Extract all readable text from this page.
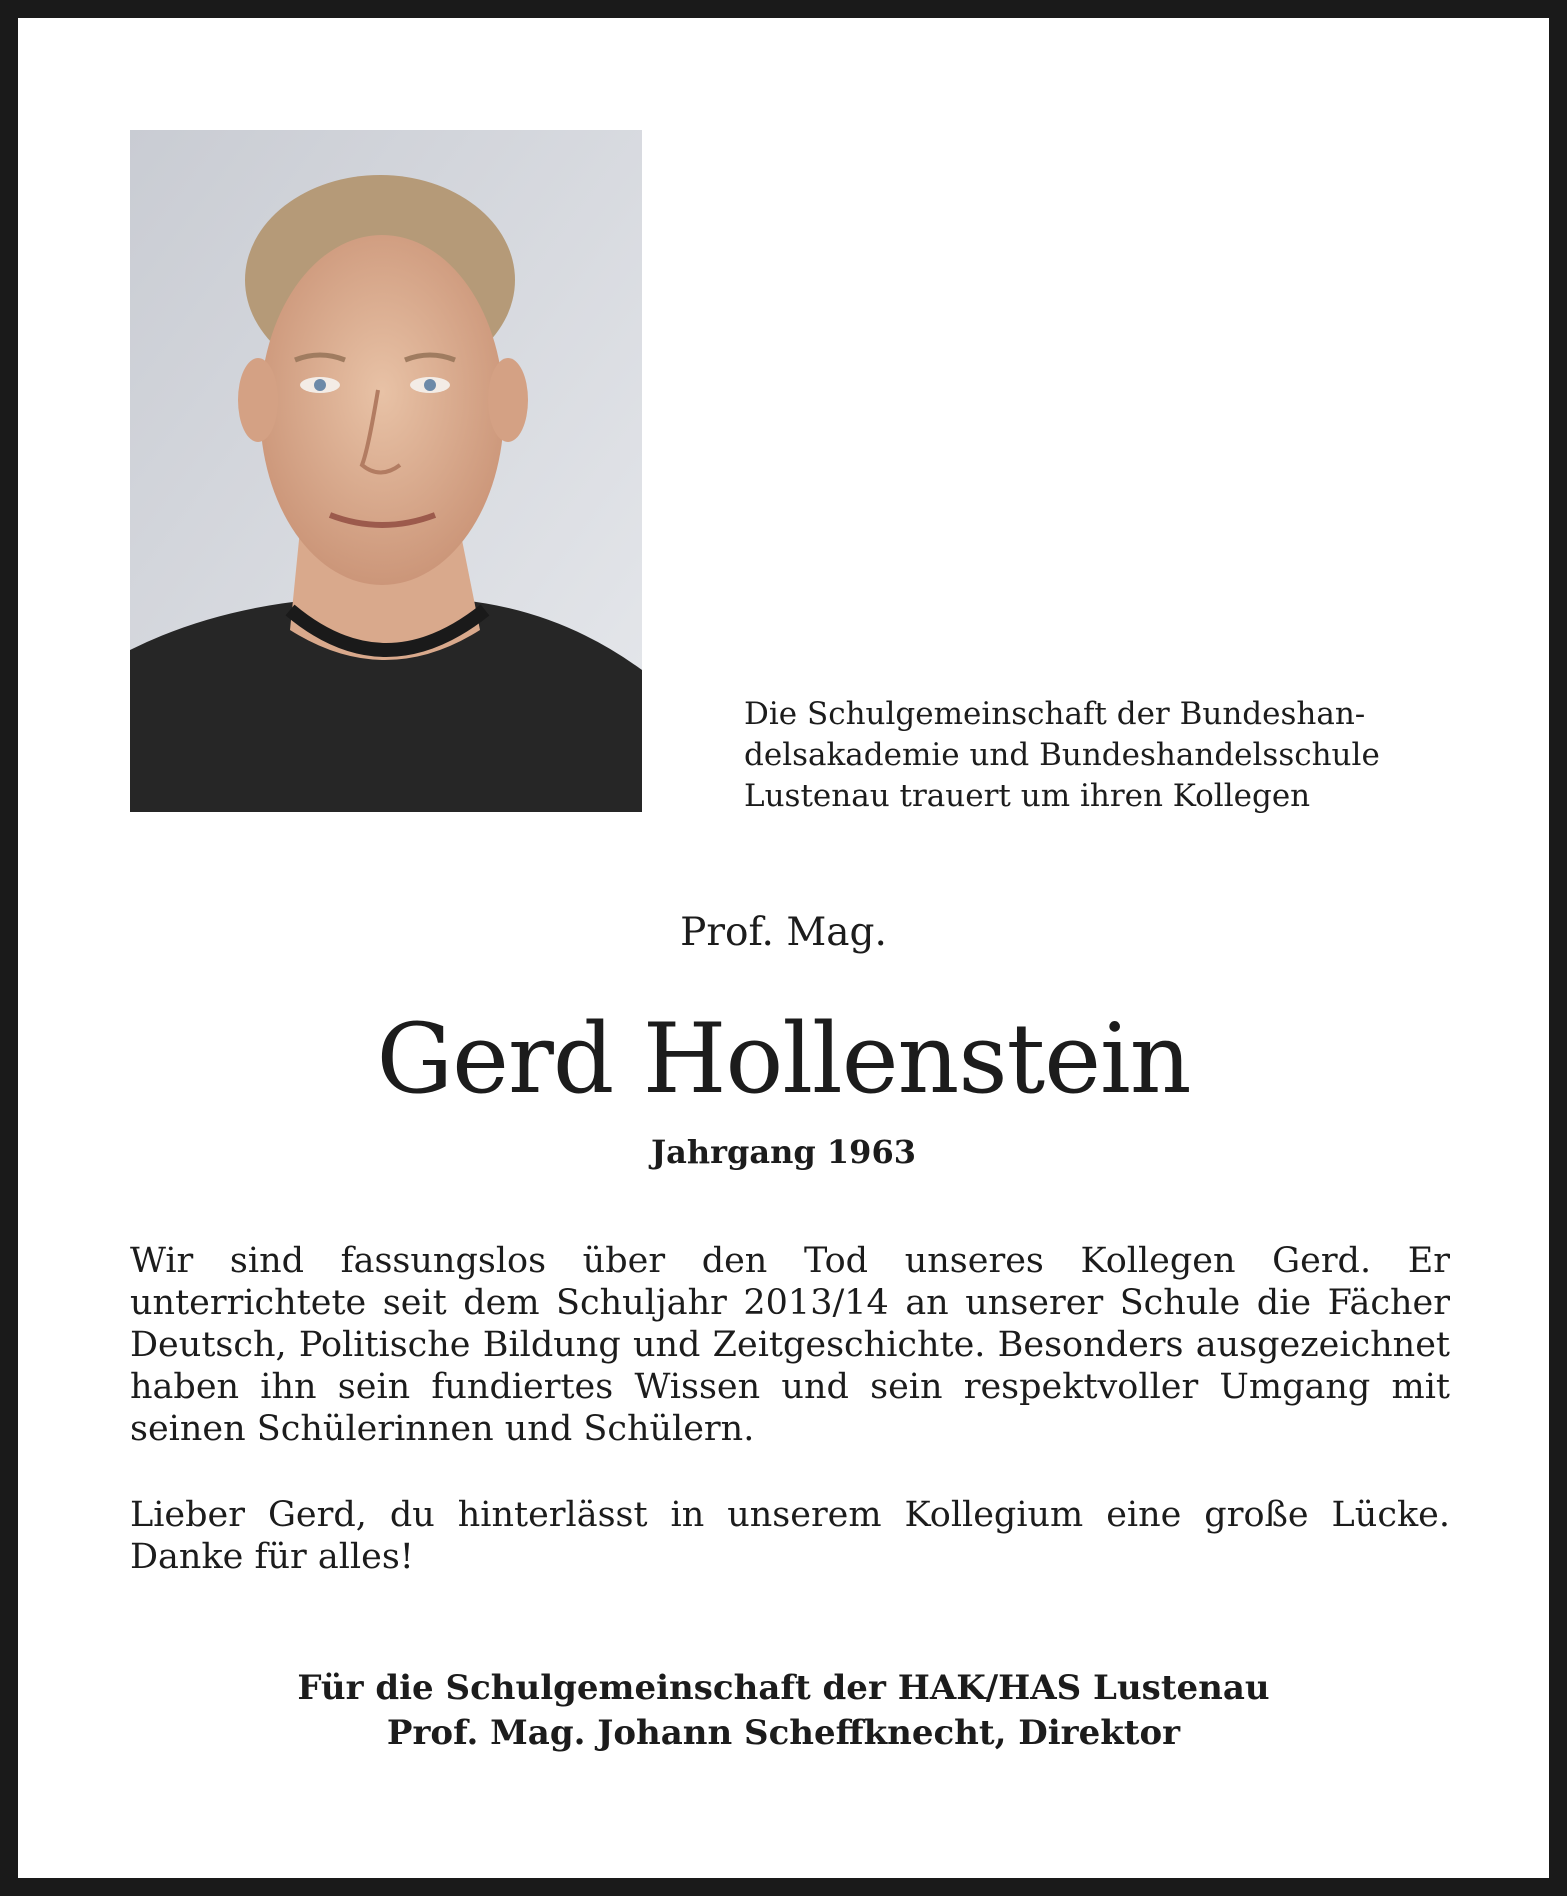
Die Schulgemeinschaft der Bundeshan-
delsakademie und Bundeshandelsschule
Lustenau trauert um ihren Kollegen

Prof. Mag.

Gerd Hollenstein

Jahrgang 1963

Wir sind fassungslos über den Tod unseres Kollegen Gerd. Er unterrichtete seit dem Schuljahr 2013/14 an unserer Schule die Fächer Deutsch, Politische Bildung und Zeitgeschichte. Besonders ausgezeichnet haben ihn sein fundiertes Wissen und sein respektvoller Umgang mit seinen Schülerinnen und Schülern.

Lieber Gerd, du hinterlässt in unserem Kollegium eine große Lücke. Danke für alles!

Für die Schulgemeinschaft der HAK/HAS Lustenau
Prof. Mag. Johann Scheffknecht, Direktor
